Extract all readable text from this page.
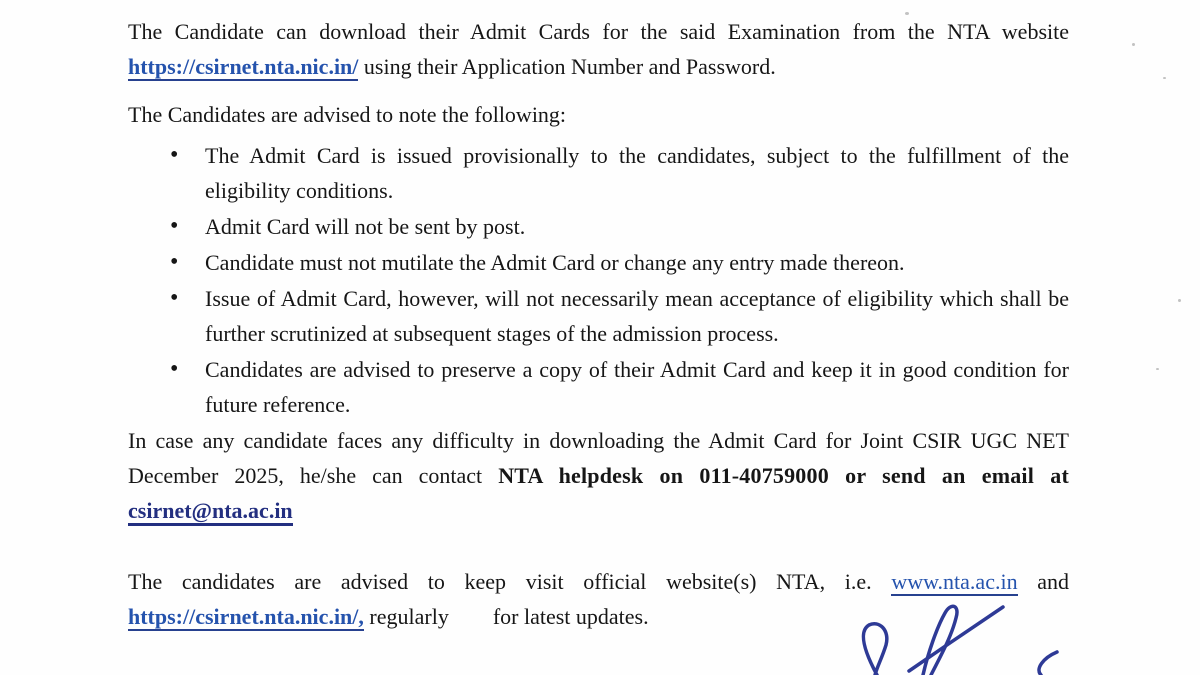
The Candidate can download their Admit Cards for the said Examination from the NTA website https://csirnet.nta.nic.in/ using their Application Number and Password.

The Candidates are advised to note the following:

• The Admit Card is issued provisionally to the candidates, subject to the fulfillment of the eligibility conditions.
• Admit Card will not be sent by post.
• Candidate must not mutilate the Admit Card or change any entry made thereon.
• Issue of Admit Card, however, will not necessarily mean acceptance of eligibility which shall be further scrutinized at subsequent stages of the admission process.
• Candidates are advised to preserve a copy of their Admit Card and keep it in good condition for future reference.

In case any candidate faces any difficulty in downloading the Admit Card for Joint CSIR UGC NET December 2025, he/she can contact NTA helpdesk on 011-40759000 or send an email at
csirnet@nta.ac.in

The candidates are advised to keep visit official website(s) NTA, i.e. www.nta.ac.in and https://csirnet.nta.nic.in/, regularly for latest updates.
